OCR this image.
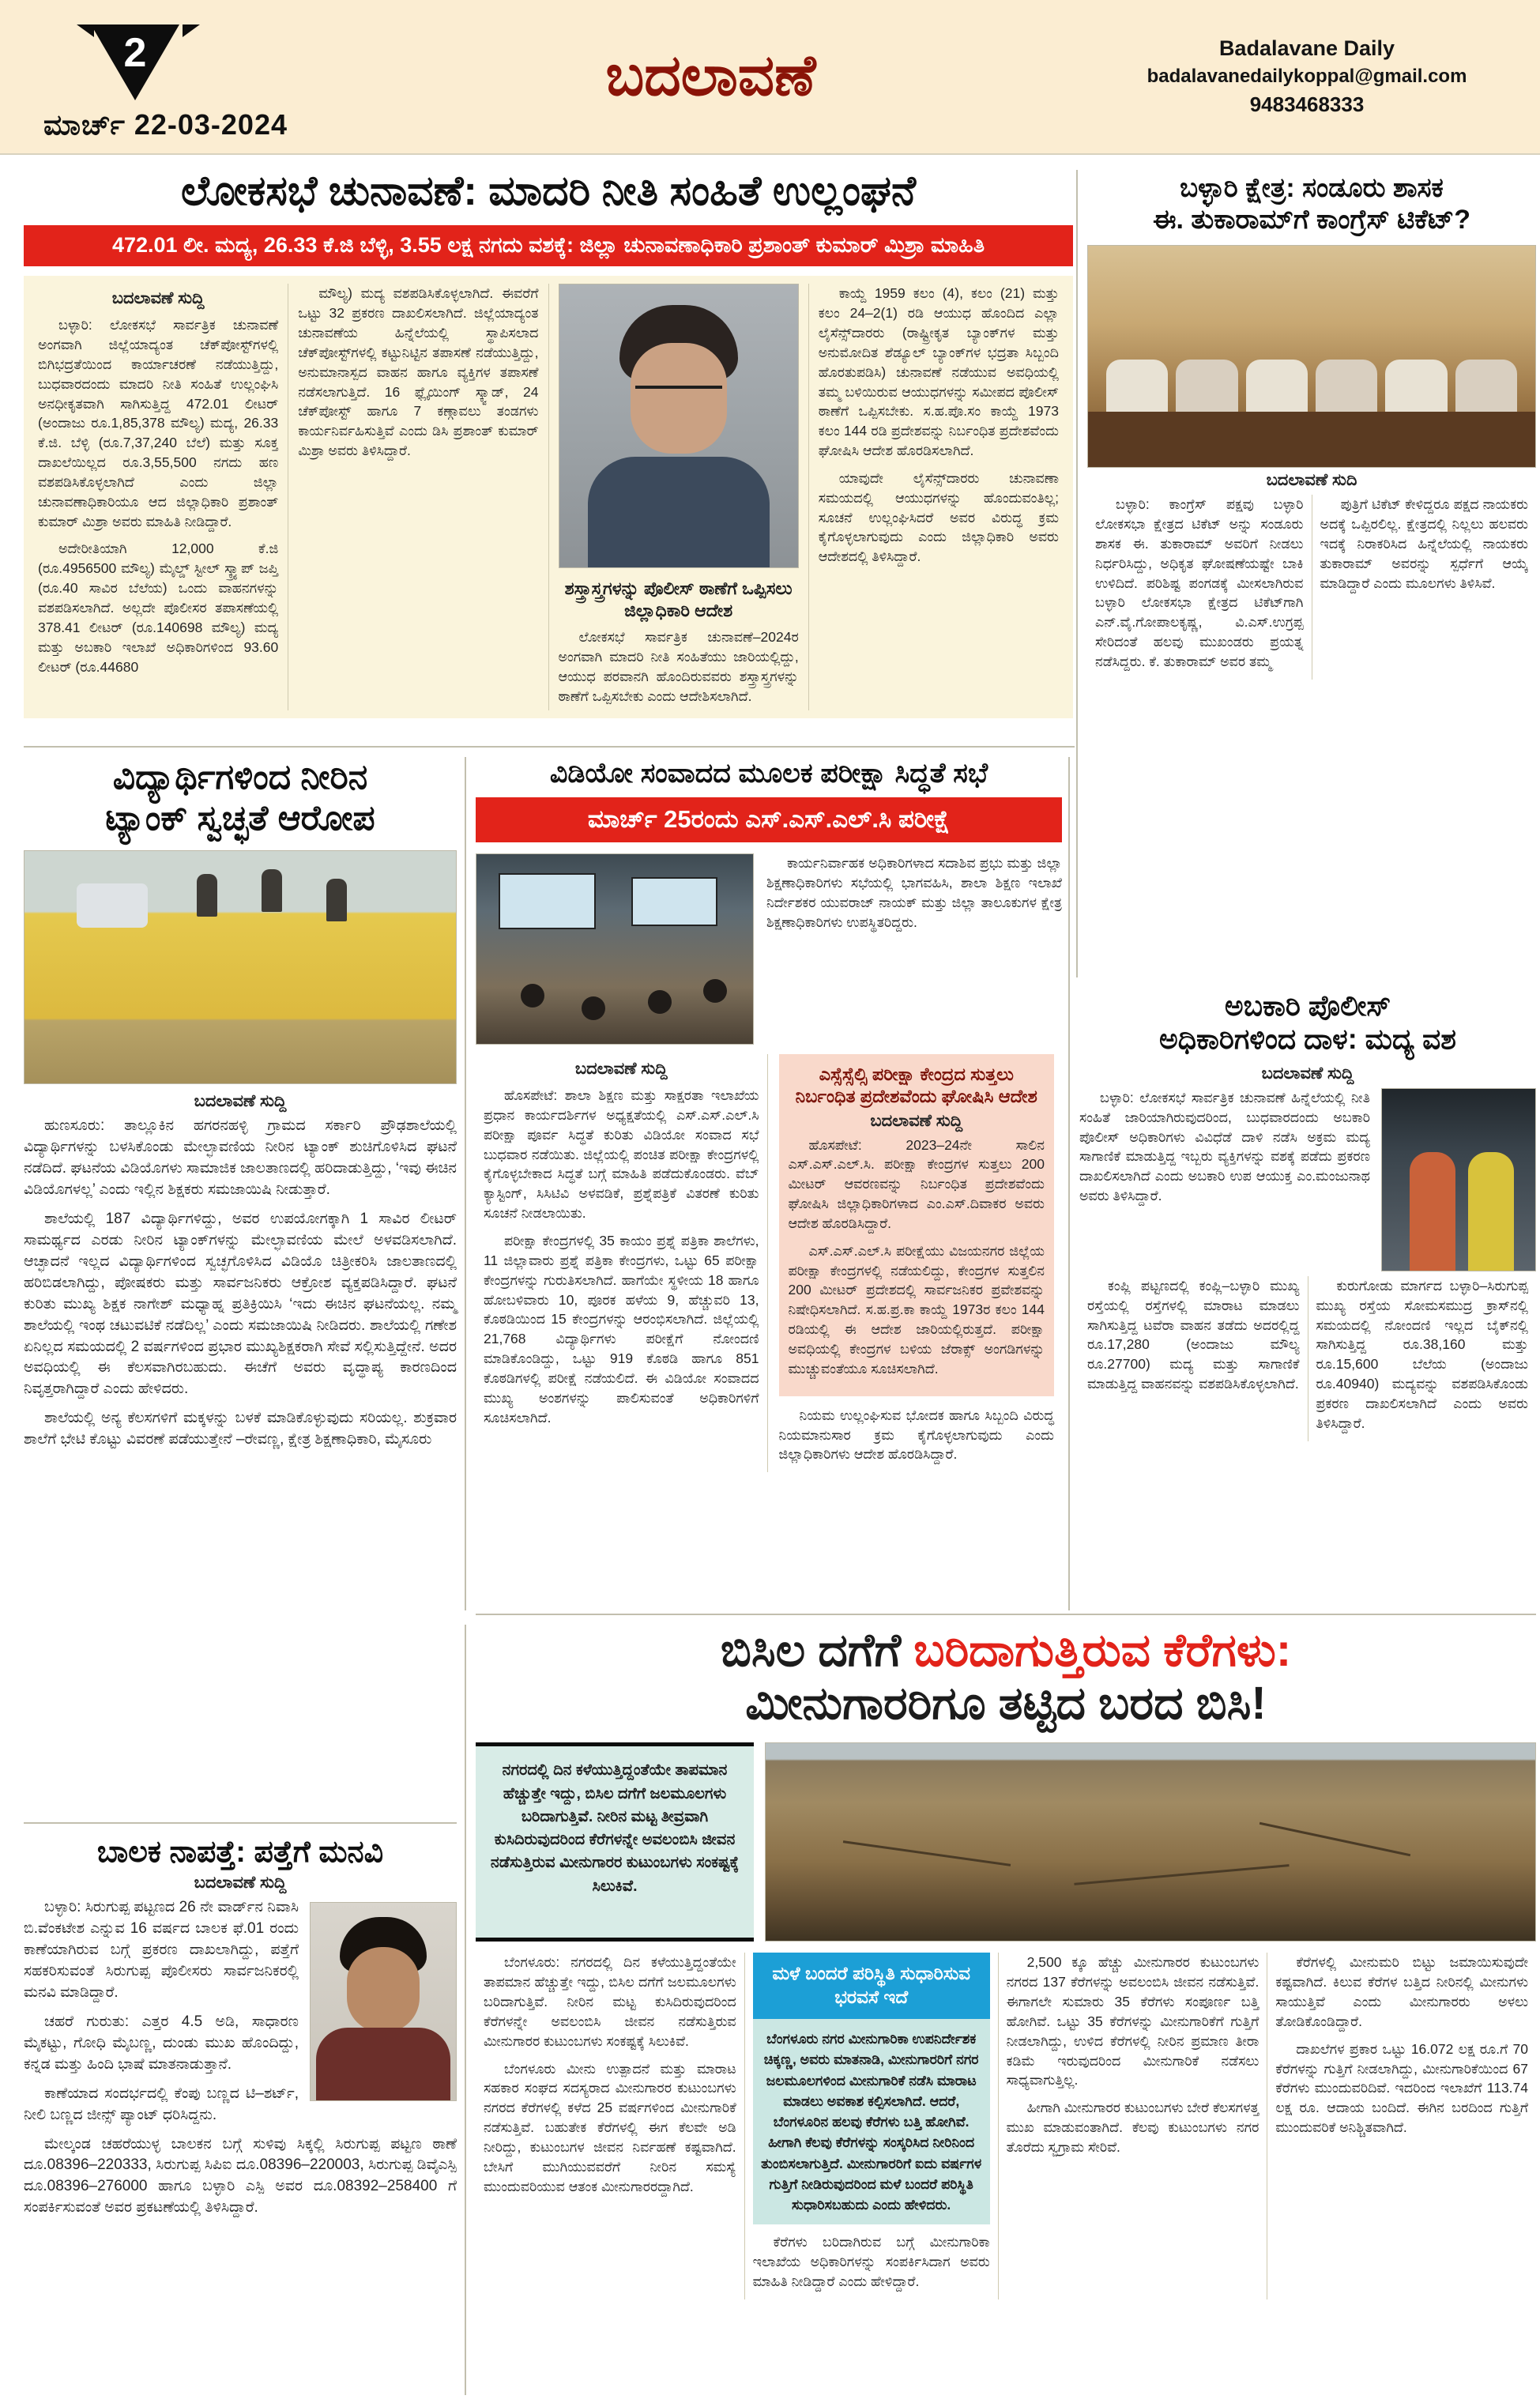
2
ಮಾರ್ಚ್ 22-03-2024
ಬದಲಾವಣೆ	Badalavane Daily
badalavanedailykoppal@gmail.com
9483468333
ಲೋಕಸಭೆ ಚುನಾವಣೆ: ಮಾದರಿ ನೀತಿ ಸಂಹಿತೆ ಉಲ್ಲಂಘನೆ
472.01 ಲೀ. ಮದ್ಯ, 26.33 ಕೆ.ಜಿ ಬೆಳ್ಳಿ, 3.55 ಲಕ್ಷ ನಗದು ವಶಕ್ಕೆ: ಜಿಲ್ಲಾ ಚುನಾವಣಾಧಿಕಾರಿ ಪ್ರಶಾಂತ್ ಕುಮಾರ್ ಮಿಶ್ರಾ ಮಾಹಿತಿ
ಬದಲಾವಣೆ ಸುದ್ದಿ

ಬಳ್ಳಾರಿ: ಲೋಕಸಭೆ ಸಾರ್ವತ್ರಿಕ ಚುನಾವಣೆ ಅಂಗವಾಗಿ ಜಿಲ್ಲೆಯಾದ್ಯಂತ ಚೆಕ್‌ಪೋಸ್ಟ್‌ಗಳಲ್ಲಿ ಬಿಗಿಭದ್ರತೆಯಿಂದ ಕಾರ್ಯಾಚರಣೆ ನಡೆಯುತ್ತಿದ್ದು, ಬುಧವಾರದಂದು ಮಾದರಿ ನೀತಿ ಸಂಹಿತೆ ಉಲ್ಲಂಘಿಸಿ ಅನಧೀಕೃತವಾಗಿ ಸಾಗಿಸುತ್ತಿದ್ದ 472.01 ಲೀಟರ್ (ಅಂದಾಜು ರೂ.1,85,378 ಮೌಲ್ಯ) ಮದ್ಯ, 26.33 ಕೆ.ಜಿ. ಬೆಳ್ಳಿ (ರೂ.7,37,240 ಬೆಲೆ) ಮತ್ತು ಸೂಕ್ತ ದಾಖಲೆಯಿಲ್ಲದ ರೂ.3,55,500 ನಗದು ಹಣ ವಶಪಡಿಸಿಕೊಳ್ಳಲಾಗಿದೆ ಎಂದು ಜಿಲ್ಲಾ ಚುನಾವಣಾಧಿಕಾರಿಯೂ ಆದ ಜಿಲ್ಲಾಧಿಕಾರಿ ಪ್ರಶಾಂತ್ ಕುಮಾರ್ ಮಿಶ್ರಾ ಅವರು ಮಾಹಿತಿ ನೀಡಿದ್ದಾರೆ.

ಅದೇರೀತಿಯಾಗಿ 12,000 ಕೆ.ಜಿ (ರೂ.4956500 ಮೌಲ್ಯ) ಮೈಲ್ಡ್ ಸ್ಟೀಲ್ ಸ್ಕ್ರ್ಯಾಪ್ ಜಪ್ತಿ (ರೂ.40 ಸಾವಿರ ಬೆಲೆಯ) ಒಂದು ವಾಹನಗಳನ್ನು ವಶಪಡಿಸಲಾಗಿದೆ. ಅಲ್ಲದೇ ಪೊಲೀಸರ ತಪಾಸಣೆಯಲ್ಲಿ 378.41 ಲೀಟರ್ (ರೂ.140698 ಮೌಲ್ಯ) ಮದ್ಯ ಮತ್ತು ಅಬಕಾರಿ ಇಲಾಖೆ ಅಧಿಕಾರಿಗಳಿಂದ 93.60 ಲೀಟರ್ (ರೂ.44680

ಮೌಲ್ಯ) ಮದ್ಯ ವಶಪಡಿಸಿಕೊಳ್ಳಲಾಗಿದೆ. ಈವರೆಗೆ ಒಟ್ಟು 32 ಪ್ರಕರಣ ದಾಖಲಿಸಲಾಗಿದೆ. ಜಿಲ್ಲೆಯಾದ್ಯಂತ ಚುನಾವಣೆಯ ಹಿನ್ನೆಲೆಯಲ್ಲಿ ಸ್ಥಾಪಿಸಲಾದ ಚೆಕ್‌ಪೋಸ್ಟ್‌ಗಳಲ್ಲಿ ಕಟ್ಟುನಿಟ್ಟಿನ ತಪಾಸಣೆ ನಡೆಯುತ್ತಿದ್ದು, ಅನುಮಾನಾಸ್ಪದ ವಾಹನ ಹಾಗೂ ವ್ಯಕ್ತಿಗಳ ತಪಾಸಣೆ ನಡೆಸಲಾಗುತ್ತಿದೆ. 16 ಫ್ಲೈಯಿಂಗ್ ಸ್ಕ್ವಾಡ್, 24 ಚೆಕ್‌ಪೋಸ್ಟ್ ಹಾಗೂ 7 ಕಣ್ಗಾವಲು ತಂಡಗಳು ಕಾರ್ಯನಿರ್ವಹಿಸುತ್ತಿವೆ ಎಂದು ಡಿಸಿ ಪ್ರಶಾಂತ್ ಕುಮಾರ್ ಮಿಶ್ರಾ ಅವರು ತಿಳಿಸಿದ್ದಾರೆ.

ಶಸ್ತ್ರಾಸ್ತ್ರಗಳನ್ನು ಪೊಲೀಸ್ ಠಾಣೆಗೆ ಒಪ್ಪಿಸಲು ಜಿಲ್ಲಾಧಿಕಾರಿ ಆದೇಶ

ಲೋಕಸಭೆ ಸಾರ್ವತ್ರಿಕ ಚುನಾವಣೆ–2024ರ ಅಂಗವಾಗಿ ಮಾದರಿ ನೀತಿ ಸಂಹಿತೆಯು ಜಾರಿಯಲ್ಲಿದ್ದು, ಆಯುಧ ಪರವಾನಗಿ ಹೊಂದಿರುವವರು ಶಸ್ತ್ರಾಸ್ತ್ರಗಳನ್ನು ಠಾಣೆಗೆ ಒಪ್ಪಿಸಬೇಕು ಎಂದು ಆದೇಶಿಸಲಾಗಿದೆ.

ಕಾಯ್ದೆ 1959 ಕಲಂ (4), ಕಲಂ (21) ಮತ್ತು ಕಲಂ 24–2(1) ರಡಿ ಆಯುಧ ಹೊಂದಿದ ಎಲ್ಲಾ ಲೈಸೆನ್ಸ್‌ದಾರರು (ರಾಷ್ಟ್ರೀಕೃತ ಬ್ಯಾಂಕ್‌ಗಳ ಮತ್ತು ಅನುಮೋದಿತ ಶೆಡ್ಯೂಲ್ ಬ್ಯಾಂಕ್‌ಗಳ ಭದ್ರತಾ ಸಿಬ್ಬಂದಿ ಹೊರತುಪಡಿಸಿ) ಚುನಾವಣೆ ನಡೆಯುವ ಅವಧಿಯಲ್ಲಿ ತಮ್ಮ ಬಳಿಯಿರುವ ಆಯುಧಗಳನ್ನು ಸಮೀಪದ ಪೊಲೀಸ್ ಠಾಣೆಗೆ ಒಪ್ಪಿಸಬೇಕು. ಸ.ಹ.ಪೊ.ಸಂ ಕಾಯ್ದೆ 1973 ಕಲಂ 144 ರಡಿ ಪ್ರದೇಶವನ್ನು ನಿರ್ಬಂಧಿತ ಪ್ರದೇಶವೆಂದು ಘೋಷಿಸಿ ಆದೇಶ ಹೊರಡಿಸಲಾಗಿದೆ.

ಯಾವುದೇ ಲೈಸೆನ್ಸ್‌ದಾರರು ಚುನಾವಣಾ ಸಮಯದಲ್ಲಿ ಆಯುಧಗಳನ್ನು ಹೊಂದುವಂತಿಲ್ಲ; ಸೂಚನೆ ಉಲ್ಲಂಘಿಸಿದರೆ ಅವರ ವಿರುದ್ಧ ಕ್ರಮ ಕೈಗೊಳ್ಳಲಾಗುವುದು ಎಂದು ಜಿಲ್ಲಾಧಿಕಾರಿ ಅವರು ಆದೇಶದಲ್ಲಿ ತಿಳಿಸಿದ್ದಾರೆ.

ಬಳ್ಳಾರಿ ಕ್ಷೇತ್ರ: ಸಂಡೂರು ಶಾಸಕ
ಈ. ತುಕಾರಾಮ್‌ಗೆ ಕಾಂಗ್ರೆಸ್ ಟಿಕೆಟ್?
ಬದಲಾವಣೆ ಸುದಿ

ಬಳ್ಳಾರಿ: ಕಾಂಗ್ರೆಸ್ ಪಕ್ಷವು ಬಳ್ಳಾರಿ ಲೋಕಸಭಾ ಕ್ಷೇತ್ರದ ಟಿಕೆಟ್ ಅನ್ನು ಸಂಡೂರು ಶಾಸಕ ಈ. ತುಕಾರಾಮ್ ಅವರಿಗೆ ನೀಡಲು ನಿರ್ಧರಿಸಿದ್ದು, ಅಧಿಕೃತ ಘೋಷಣೆಯಷ್ಟೇ ಬಾಕಿ ಉಳಿದಿದೆ. ಪರಿಶಿಷ್ಟ ಪಂಗಡಕ್ಕೆ ಮೀಸಲಾಗಿರುವ ಬಳ್ಳಾರಿ ಲೋಕಸಭಾ ಕ್ಷೇತ್ರದ ಟಿಕೆಟ್‌ಗಾಗಿ ಎನ್.ವೈ.ಗೋಪಾಲಕೃಷ್ಣ, ವಿ.ಎಸ್.ಉಗ್ರಪ್ಪ ಸೇರಿದಂತೆ ಹಲವು ಮುಖಂಡರು ಪ್ರಯತ್ನ ನಡೆಸಿದ್ದರು. ಕೆ. ತುಕಾರಾಮ್ ಅವರ ತಮ್ಮ

ಪುತ್ರಿಗೆ ಟಿಕೆಟ್ ಕೇಳಿದ್ದರೂ ಪಕ್ಷದ ನಾಯಕರು ಅದಕ್ಕೆ ಒಪ್ಪಿರಲಿಲ್ಲ. ಕ್ಷೇತ್ರದಲ್ಲಿ ನಿಲ್ಲಲು ಹಲವರು ಇದಕ್ಕೆ ನಿರಾಕರಿಸಿದ ಹಿನ್ನೆಲೆಯಲ್ಲಿ ನಾಯಕರು ತುಕಾರಾಮ್ ಅವರನ್ನು ಸ್ಪರ್ಧೆಗೆ ಆಯ್ಕೆ ಮಾಡಿದ್ದಾರೆ ಎಂದು ಮೂಲಗಳು ತಿಳಿಸಿವೆ.

ವಿದ್ಯಾರ್ಥಿಗಳಿಂದ ನೀರಿನ
ಟ್ಯಾಂಕ್ ಸ್ವಚ್ಛತೆ ಆರೋಪ
ಬದಲಾವಣೆ ಸುದ್ದಿ

ಹುಣಸೂರು: ತಾಲ್ಲೂಕಿನ ಹಗರನಹಳ್ಳಿ ಗ್ರಾಮದ ಸರ್ಕಾರಿ ಪ್ರೌಢಶಾಲೆಯಲ್ಲಿ ವಿದ್ಯಾರ್ಥಿಗಳನ್ನು ಬಳಸಿಕೊಂಡು ಮೇಲ್ಛಾವಣಿಯ ನೀರಿನ ಟ್ಯಾಂಕ್ ಶುಚಿಗೊಳಿಸಿದ ಘಟನೆ ನಡೆದಿದೆ. ಘಟನೆಯ ವಿಡಿಯೊಗಳು ಸಾಮಾಜಿಕ ಜಾಲತಾಣದಲ್ಲಿ ಹರಿದಾಡುತ್ತಿದ್ದು, ‘ಇವು ಈಚಿನ ವಿಡಿಯೊಗಳಲ್ಲ’ ಎಂದು ಇಲ್ಲಿನ ಶಿಕ್ಷಕರು ಸಮಜಾಯಿಷಿ ನೀಡುತ್ತಾರೆ.

ಶಾಲೆಯಲ್ಲಿ 187 ವಿದ್ಯಾರ್ಥಿಗಳಿದ್ದು, ಅವರ ಉಪಯೋಗಕ್ಕಾಗಿ 1 ಸಾವಿರ ಲೀಟರ್ ಸಾಮರ್ಥ್ಯದ ಎರಡು ನೀರಿನ ಟ್ಯಾಂಕ್‌ಗಳನ್ನು ಮೇಲ್ಛಾವಣಿಯ ಮೇಲೆ ಅಳವಡಿಸಲಾಗಿದೆ. ಆಚ್ಛಾದನೆ ಇಲ್ಲದ ವಿದ್ಯಾರ್ಥಿಗಳಿಂದ ಸ್ವಚ್ಛಗೊಳಿಸಿದ ವಿಡಿಯೊ ಚಿತ್ರೀಕರಿಸಿ ಜಾಲತಾಣದಲ್ಲಿ ಹರಿಬಿಡಲಾಗಿದ್ದು, ಪೋಷಕರು ಮತ್ತು ಸಾರ್ವಜನಿಕರು ಆಕ್ರೋಶ ವ್ಯಕ್ತಪಡಿಸಿದ್ದಾರೆ. ಘಟನೆ ಕುರಿತು ಮುಖ್ಯ ಶಿಕ್ಷಕ ನಾಗೇಶ್ ಮಧ್ಯಾಹ್ನ ಪ್ರತಿಕ್ರಿಯಿಸಿ ‘ಇದು ಈಚಿನ ಘಟನೆಯಲ್ಲ. ನಮ್ಮ ಶಾಲೆಯಲ್ಲಿ ಇಂಥ ಚಟುವಟಿಕೆ ನಡೆದಿಲ್ಲ’ ಎಂದು ಸಮಜಾಯಿಷಿ ನೀಡಿದರು. ಶಾಲೆಯಲ್ಲಿ ಗಣೇಶ ಏನಿಲ್ಲದ ಸಮಯದಲ್ಲಿ 2 ವರ್ಷಗಳಿಂದ ಪ್ರಭಾರ ಮುಖ್ಯಶಿಕ್ಷಕರಾಗಿ ಸೇವೆ ಸಲ್ಲಿಸುತ್ತಿದ್ದೇನೆ. ಅದರ ಅವಧಿಯಲ್ಲಿ ಈ ಕೆಲಸವಾಗಿರಬಹುದು. ಈಚೆಗೆ ಅವರು ವೃದ್ಧಾಪ್ಯ ಕಾರಣದಿಂದ ನಿವೃತ್ತರಾಗಿದ್ದಾರೆ ಎಂದು ಹೇಳಿದರು.

ಶಾಲೆಯಲ್ಲಿ ಅನ್ಯ ಕೆಲಸಗಳಿಗೆ ಮಕ್ಕಳನ್ನು ಬಳಕೆ ಮಾಡಿಕೊಳ್ಳುವುದು ಸರಿಯಲ್ಲ. ಶುಕ್ರವಾರ ಶಾಲೆಗೆ ಭೇಟಿ ಕೊಟ್ಟು ವಿವರಣೆ ಪಡೆಯುತ್ತೇನೆ –ರೇವಣ್ಣ, ಕ್ಷೇತ್ರ ಶಿಕ್ಷಣಾಧಿಕಾರಿ, ಮೈಸೂರು

ವಿಡಿಯೋ ಸಂವಾದದ ಮೂಲಕ ಪರೀಕ್ಷಾ ಸಿದ್ಧತೆ ಸಭೆ
ಮಾರ್ಚ್ 25ರಂದು ಎಸ್.ಎಸ್.ಎಲ್.ಸಿ ಪರೀಕ್ಷೆ

ಕಾರ್ಯನಿರ್ವಾಹಕ ಅಧಿಕಾರಿಗಳಾದ ಸದಾಶಿವ ಪ್ರಭು ಮತ್ತು ಜಿಲ್ಲಾ ಶಿಕ್ಷಣಾಧಿಕಾರಿಗಳು ಸಭೆಯಲ್ಲಿ ಭಾಗವಹಿಸಿ, ಶಾಲಾ ಶಿಕ್ಷಣ ಇಲಾಖೆ ನಿರ್ದೇಶಕರ ಯುವರಾಜ್ ನಾಯಕ್ ಮತ್ತು ಜಿಲ್ಲಾ ತಾಲೂಕುಗಳ ಕ್ಷೇತ್ರ ಶಿಕ್ಷಣಾಧಿಕಾರಿಗಳು ಉಪಸ್ಥಿತರಿದ್ದರು.

ಬದಲಾವಣೆ ಸುದ್ದಿ

ಹೊಸಪೇಟೆ: ಶಾಲಾ ಶಿಕ್ಷಣ ಮತ್ತು ಸಾಕ್ಷರತಾ ಇಲಾಖೆಯ ಪ್ರಧಾನ ಕಾರ್ಯದರ್ಶಿಗಳ ಅಧ್ಯಕ್ಷತೆಯಲ್ಲಿ ಎಸ್.ಎಸ್.ಎಲ್.ಸಿ ಪರೀಕ್ಷಾ ಪೂರ್ವ ಸಿದ್ಧತೆ ಕುರಿತು ವಿಡಿಯೋ ಸಂವಾದ ಸಭೆ ಬುಧವಾರ ನಡೆಯಿತು. ಜಿಲ್ಲೆಯಲ್ಲಿ ಪಂಚಿತ ಪರೀಕ್ಷಾ ಕೇಂದ್ರಗಳಲ್ಲಿ ಕೈಗೊಳ್ಳಬೇಕಾದ ಸಿದ್ಧತೆ ಬಗ್ಗೆ ಮಾಹಿತಿ ಪಡೆದುಕೊಂಡರು. ವೆಬ್ ಕ್ಯಾಸ್ಟಿಂಗ್, ಸಿಸಿಟಿವಿ ಅಳವಡಿಕೆ, ಪ್ರಶ್ನೆಪತ್ರಿಕೆ ವಿತರಣೆ ಕುರಿತು ಸೂಚನೆ ನೀಡಲಾಯಿತು.

ಪರೀಕ್ಷಾ ಕೇಂದ್ರಗಳಲ್ಲಿ 35 ಕಾಯಂ ಪ್ರಶ್ನೆ ಪತ್ರಿಕಾ ಶಾಲೆಗಳು, 11 ಜಿಲ್ಲಾವಾರು ಪ್ರಶ್ನೆ ಪತ್ರಿಕಾ ಕೇಂದ್ರಗಳು, ಒಟ್ಟು 65 ಪರೀಕ್ಷಾ ಕೇಂದ್ರಗಳನ್ನು ಗುರುತಿಸಲಾಗಿದೆ. ಹಾಗೆಯೇ ಸ್ಥಳೀಯ 18 ಹಾಗೂ ಹೋಬಳಿವಾರು 10, ಪೂರಕ ಹಳೆಯ 9, ಹೆಚ್ಚುವರಿ 13, ಕೊಠಡಿಯಿಂದ 15 ಕೇಂದ್ರಗಳನ್ನು ಆರಂಭಿಸಲಾಗಿದೆ. ಜಿಲ್ಲೆಯಲ್ಲಿ 21,768 ವಿದ್ಯಾರ್ಥಿಗಳು ಪರೀಕ್ಷೆಗೆ ನೋಂದಣಿ ಮಾಡಿಕೊಂಡಿದ್ದು, ಒಟ್ಟು 919 ಕೊಠಡಿ ಹಾಗೂ 851 ಕೊಠಡಿಗಳಲ್ಲಿ ಪರೀಕ್ಷೆ ನಡೆಯಲಿದೆ. ಈ ವಿಡಿಯೋ ಸಂವಾದದ ಮುಖ್ಯ ಅಂಶಗಳನ್ನು ಪಾಲಿಸುವಂತೆ ಅಧಿಕಾರಿಗಳಿಗೆ ಸೂಚಿಸಲಾಗಿದೆ.

ಎಸ್ಸೆಸ್ಸೆಲ್ಸಿ ಪರೀಕ್ಷಾ ಕೇಂದ್ರದ ಸುತ್ತಲು ನಿರ್ಬಂಧಿತ ಪ್ರದೇಶವೆಂದು ಘೋಷಿಸಿ ಆದೇಶ
ಬದಲಾವಣೆ ಸುದ್ದಿ

ಹೊಸಪೇಟೆ: 2023–24ನೇ ಸಾಲಿನ ಎಸ್.ಎಸ್.ಎಲ್.ಸಿ. ಪರೀಕ್ಷಾ ಕೇಂದ್ರಗಳ ಸುತ್ತಲು 200 ಮೀಟರ್ ಆವರಣವನ್ನು ನಿರ್ಬಂಧಿತ ಪ್ರದೇಶವೆಂದು ಘೋಷಿಸಿ ಜಿಲ್ಲಾಧಿಕಾರಿಗಳಾದ ಎಂ.ಎಸ್.ದಿವಾಕರ ಅವರು ಆದೇಶ ಹೊರಡಿಸಿದ್ದಾರೆ.

ಎಸ್.ಎಸ್.ಎಲ್.ಸಿ ಪರೀಕ್ಷೆಯು ವಿಜಯನಗರ ಜಿಲ್ಲೆಯ ಪರೀಕ್ಷಾ ಕೇಂದ್ರಗಳಲ್ಲಿ ನಡೆಯಲಿದ್ದು, ಕೇಂದ್ರಗಳ ಸುತ್ತಲಿನ 200 ಮೀಟರ್ ಪ್ರದೇಶದಲ್ಲಿ ಸಾರ್ವಜನಿಕರ ಪ್ರವೇಶವನ್ನು ನಿಷೇಧಿಸಲಾಗಿದೆ. ಸ.ಹ.ಪ್ರ.ಕಾ ಕಾಯ್ದೆ 1973ರ ಕಲಂ 144 ರಡಿಯಲ್ಲಿ ಈ ಆದೇಶ ಜಾರಿಯಲ್ಲಿರುತ್ತದೆ. ಪರೀಕ್ಷಾ ಅವಧಿಯಲ್ಲಿ ಕೇಂದ್ರಗಳ ಬಳಿಯ ಜೆರಾಕ್ಸ್ ಅಂಗಡಿಗಳನ್ನು ಮುಚ್ಚುವಂತೆಯೂ ಸೂಚಿಸಲಾಗಿದೆ.

ನಿಯಮ ಉಲ್ಲಂಘಿಸುವ ಭೋದಕ ಹಾಗೂ ಸಿಬ್ಬಂದಿ ವಿರುದ್ಧ ನಿಯಮಾನುಸಾರ ಕ್ರಮ ಕೈಗೊಳ್ಳಲಾಗುವುದು ಎಂದು ಜಿಲ್ಲಾಧಿಕಾರಿಗಳು ಆದೇಶ ಹೊರಡಿಸಿದ್ದಾರೆ.

ಅಬಕಾರಿ ಪೊಲೀಸ್
ಅಧಿಕಾರಿಗಳಿಂದ ದಾಳ: ಮದ್ಯ ವಶ
ಬದಲಾವಣೆ ಸುದ್ದಿ

ಬಳ್ಳಾರಿ: ಲೋಕಸಭೆ ಸಾರ್ವತ್ರಿಕ ಚುನಾವಣೆ ಹಿನ್ನೆಲೆಯಲ್ಲಿ ನೀತಿ ಸಂಹಿತೆ ಜಾರಿಯಾಗಿರುವುದರಿಂದ, ಬುಧವಾರದಂದು ಅಬಕಾರಿ ಪೊಲೀಸ್ ಅಧಿಕಾರಿಗಳು ವಿವಿಧೆಡೆ ದಾಳಿ ನಡೆಸಿ ಅಕ್ರಮ ಮದ್ಯ ಸಾಗಾಣಿಕೆ ಮಾಡುತ್ತಿದ್ದ ಇಬ್ಬರು ವ್ಯಕ್ತಿಗಳನ್ನು ವಶಕ್ಕೆ ಪಡೆದು ಪ್ರಕರಣ ದಾಖಲಿಸಲಾಗಿದೆ ಎಂದು ಅಬಕಾರಿ ಉಪ ಆಯುಕ್ತ ಎಂ.ಮಂಜುನಾಥ ಅವರು ತಿಳಿಸಿದ್ದಾರೆ.

ಕಂಪ್ಲಿ ಪಟ್ಟಣದಲ್ಲಿ ಕಂಪ್ಲಿ–ಬಳ್ಳಾರಿ ಮುಖ್ಯ ರಸ್ತೆಯಲ್ಲಿ ರಸ್ತೆಗಳಲ್ಲಿ ಮಾರಾಟ ಮಾಡಲು ಸಾಗಿಸುತ್ತಿದ್ದ ಟವೆರಾ ವಾಹನ ತಡೆದು ಅದರಲ್ಲಿದ್ದ ರೂ.17,280 (ಅಂದಾಜು ಮೌಲ್ಯ ರೂ.27700) ಮದ್ಯ ಮತ್ತು ಸಾಗಾಣಿಕೆ ಮಾಡುತ್ತಿದ್ದ ವಾಹನವನ್ನು ವಶಪಡಿಸಿಕೊಳ್ಳಲಾಗಿದೆ.

ಕುರುಗೋಡು ಮಾರ್ಗದ ಬಳ್ಳಾರಿ–ಸಿರುಗುಪ್ಪ ಮುಖ್ಯ ರಸ್ತೆಯ ಸೋಮಸಮುದ್ರ ಕ್ರಾಸ್‌ನಲ್ಲಿ ಸಮಯದಲ್ಲಿ ನೋಂದಣಿ ಇಲ್ಲದ ಬೈಕ್‌ನಲ್ಲಿ ಸಾಗಿಸುತ್ತಿದ್ದ ರೂ.38,160 ಮತ್ತು ರೂ.15,600 ಬೆಲೆಯ (ಅಂದಾಜು ರೂ.40940) ಮದ್ಯವನ್ನು ವಶಪಡಿಸಿಕೊಂಡು ಪ್ರಕರಣ ದಾಖಲಿಸಲಾಗಿದೆ ಎಂದು ಅವರು ತಿಳಿಸಿದ್ದಾರೆ.

ಬಿಸಿಲ ದಗೆಗೆ ಬರಿದಾಗುತ್ತಿರುವ ಕೆರೆಗಳು:
ಮೀನುಗಾರರಿಗೂ ತಟ್ಟಿದ ಬರದ ಬಿಸಿ!
ನಗರದಲ್ಲಿ ದಿನ ಕಳೆಯುತ್ತಿದ್ದಂತೆಯೇ ತಾಪಮಾನ ಹೆಚ್ಚುತ್ತೇ ಇದ್ದು, ಬಿಸಿಲ ದಗೆಗೆ ಜಲಮೂಲಗಳು ಬರಿದಾಗುತ್ತಿವೆ. ನೀರಿನ ಮಟ್ಟ ತೀವ್ರವಾಗಿ ಕುಸಿದಿರುವುದರಿಂದ ಕೆರೆಗಳನ್ನೇ ಅವಲಂಬಿಸಿ ಜೀವನ ನಡೆಸುತ್ತಿರುವ ಮೀನುಗಾರರ ಕುಟುಂಬಗಳು ಸಂಕಷ್ಟಕ್ಕೆ ಸಿಲುಕಿವೆ.

ಬೆಂಗಳೂರು: ನಗರದಲ್ಲಿ ದಿನ ಕಳೆಯುತ್ತಿದ್ದಂತೆಯೇ ತಾಪಮಾನ ಹೆಚ್ಚುತ್ತೇ ಇದ್ದು, ಬಿಸಿಲ ದಗೆಗೆ ಜಲಮೂಲಗಳು ಬರಿದಾಗುತ್ತಿವೆ. ನೀರಿನ ಮಟ್ಟ ಕುಸಿದಿರುವುದರಿಂದ ಕೆರೆಗಳನ್ನೇ ಅವಲಂಬಿಸಿ ಜೀವನ ನಡೆಸುತ್ತಿರುವ ಮೀನುಗಾರರ ಕುಟುಂಬಗಳು ಸಂಕಷ್ಟಕ್ಕೆ ಸಿಲುಕಿವೆ.

ಬೆಂಗಳೂರು ಮೀನು ಉತ್ಪಾದನೆ ಮತ್ತು ಮಾರಾಟ ಸಹಕಾರ ಸಂಘದ ಸದಸ್ಯರಾದ ಮೀನುಗಾರರ ಕುಟುಂಬಗಳು ನಗರದ ಕೆರೆಗಳಲ್ಲಿ ಕಳೆದ 25 ವರ್ಷಗಳಿಂದ ಮೀನುಗಾರಿಕೆ ನಡೆಸುತ್ತಿವೆ. ಬಹುತೇಕ ಕೆರೆಗಳಲ್ಲಿ ಈಗ ಕೆಲವೇ ಅಡಿ ನೀರಿದ್ದು, ಕುಟುಂಬಗಳ ಜೀವನ ನಿರ್ವಹಣೆ ಕಷ್ಟವಾಗಿದೆ. ಬೇಸಿಗೆ ಮುಗಿಯುವವರೆಗೆ ನೀರಿನ ಸಮಸ್ಯೆ ಮುಂದುವರಿಯುವ ಆತಂಕ ಮೀನುಗಾರರದ್ದಾಗಿದೆ.

ಮಳೆ ಬಂದರೆ ಪರಿಸ್ಥಿತಿ ಸುಧಾರಿಸುವ ಭರವಸೆ ಇದೆ
ಬೆಂಗಳೂರು ನಗರ ಮೀನುಗಾರಿಕಾ ಉಪನಿರ್ದೇಶಕ ಚಿಕ್ಕಣ್ಣ, ಅವರು ಮಾತನಾಡಿ, ಮೀನುಗಾರರಿಗೆ ನಗರ ಜಲಮೂಲಗಳಿಂದ ಮೀನುಗಾರಿಕೆ ನಡೆಸಿ ಮಾರಾಟ ಮಾಡಲು ಅವಕಾಶ ಕಲ್ಪಿಸಲಾಗಿದೆ. ಆದರೆ, ಬೆಂಗಳೂರಿನ ಹಲವು ಕೆರೆಗಳು ಬತ್ತಿ ಹೋಗಿವೆ. ಹೀಗಾಗಿ ಕೆಲವು ಕೆರೆಗಳನ್ನು ಸಂಸ್ಕರಿಸಿದ ನೀರಿನಿಂದ ತುಂಬಿಸಲಾಗುತ್ತಿದೆ. ಮೀನುಗಾರರಿಗೆ ಐದು ವರ್ಷಗಳ ಗುತ್ತಿಗೆ ನೀಡಿರುವುದರಿಂದ ಮಳೆ ಬಂದರೆ ಪರಿಸ್ಥಿತಿ ಸುಧಾರಿಸಬಹುದು ಎಂದು ಹೇಳಿದರು.

ಕೆರೆಗಳು ಬರಿದಾಗಿರುವ ಬಗ್ಗೆ ಮೀನುಗಾರಿಕಾ ಇಲಾಖೆಯ ಅಧಿಕಾರಿಗಳನ್ನು ಸಂಪರ್ಕಿಸಿದಾಗ ಅವರು ಮಾಹಿತಿ ನೀಡಿದ್ದಾರೆ ಎಂದು ಹೇಳಿದ್ದಾರೆ.

2,500 ಕ್ಕೂ ಹೆಚ್ಚು ಮೀನುಗಾರರ ಕುಟುಂಬಗಳು ನಗರದ 137 ಕೆರೆಗಳನ್ನು ಅವಲಂಬಿಸಿ ಜೀವನ ನಡೆಸುತ್ತಿವೆ. ಈಗಾಗಲೇ ಸುಮಾರು 35 ಕೆರೆಗಳು ಸಂಪೂರ್ಣ ಬತ್ತಿ ಹೋಗಿವೆ. ಒಟ್ಟು 35 ಕೆರೆಗಳನ್ನು ಮೀನುಗಾರಿಕೆಗೆ ಗುತ್ತಿಗೆ ನೀಡಲಾಗಿದ್ದು, ಉಳಿದ ಕೆರೆಗಳಲ್ಲಿ ನೀರಿನ ಪ್ರಮಾಣ ತೀರಾ ಕಡಿಮೆ ಇರುವುದರಿಂದ ಮೀನುಗಾರಿಕೆ ನಡೆಸಲು ಸಾಧ್ಯವಾಗುತ್ತಿಲ್ಲ.

ಹೀಗಾಗಿ ಮೀನುಗಾರರ ಕುಟುಂಬಗಳು ಬೇರೆ ಕೆಲಸಗಳತ್ತ ಮುಖ ಮಾಡುವಂತಾಗಿದೆ. ಕೆಲವು ಕುಟುಂಬಗಳು ನಗರ ತೊರೆದು ಸ್ವಗ್ರಾಮ ಸೇರಿವೆ.

ಕೆರೆಗಳಲ್ಲಿ ಮೀನುಮರಿ ಬಿಟ್ಟು ಜಮಾಯಿಸುವುದೇ ಕಷ್ಟವಾಗಿದೆ. ಕಿಲುವ ಕೆರೆಗಳ ಬತ್ತಿದ ನೀರಿನಲ್ಲಿ ಮೀನುಗಳು ಸಾಯುತ್ತಿವೆ ಎಂದು ಮೀನುಗಾರರು ಅಳಲು ತೋಡಿಕೊಂಡಿದ್ದಾರೆ.

ದಾಖಲೆಗಳ ಪ್ರಕಾರ ಒಟ್ಟು 16.072 ಲಕ್ಷ ರೂ.ಗೆ 70 ಕೆರೆಗಳನ್ನು ಗುತ್ತಿಗೆ ನೀಡಲಾಗಿದ್ದು, ಮೀನುಗಾರಿಕೆಯಿಂದ 67 ಕೆರೆಗಳು ಮುಂದುವರಿದಿವೆ. ಇದರಿಂದ ಇಲಾಖೆಗೆ 113.74 ಲಕ್ಷ ರೂ. ಆದಾಯ ಬಂದಿದೆ. ಈಗಿನ ಬರದಿಂದ ಗುತ್ತಿಗೆ ಮುಂದುವರಿಕೆ ಅನಿಶ್ಚಿತವಾಗಿದೆ.

ಬಾಲಕ ನಾಪತ್ತೆ: ಪತ್ತೆಗೆ ಮನವಿ
ಬದಲಾವಣೆ ಸುದ್ದಿ

ಬಳ್ಳಾರಿ: ಸಿರುಗುಪ್ಪ ಪಟ್ಟಣದ 26 ನೇ ವಾರ್ಡ್‌ನ ನಿವಾಸಿ ಬಿ.ವೆಂಕಟೇಶ ಎನ್ನುವ 16 ವರ್ಷದ ಬಾಲಕ ಫೆ.01 ರಂದು ಕಾಣೆಯಾಗಿರುವ ಬಗ್ಗೆ ಪ್ರಕರಣ ದಾಖಲಾಗಿದ್ದು, ಪತ್ತೆಗೆ ಸಹಕರಿಸುವಂತೆ ಸಿರುಗುಪ್ಪ ಪೊಲೀಸರು ಸಾರ್ವಜನಿಕರಲ್ಲಿ ಮನವಿ ಮಾಡಿದ್ದಾರೆ.

ಚಹರೆ ಗುರುತು: ಎತ್ತರ 4.5 ಅಡಿ, ಸಾಧಾರಣ ಮೈಕಟ್ಟು, ಗೋಧಿ ಮೈಬಣ್ಣ, ದುಂಡು ಮುಖ ಹೊಂದಿದ್ದು, ಕನ್ನಡ ಮತ್ತು ಹಿಂದಿ ಭಾಷೆ ಮಾತನಾಡುತ್ತಾನೆ.

ಕಾಣೆಯಾದ ಸಂದರ್ಭದಲ್ಲಿ ಕೆಂಪು ಬಣ್ಣದ ಟಿ–ಶರ್ಟ್, ನೀಲಿ ಬಣ್ಣದ ಜೀನ್ಸ್ ಪ್ಯಾಂಟ್ ಧರಿಸಿದ್ದನು.

ಮೇಲ್ಕಂಡ ಚಹರೆಯುಳ್ಳ ಬಾಲಕನ ಬಗ್ಗೆ ಸುಳಿವು ಸಿಕ್ಕಲ್ಲಿ ಸಿರುಗುಪ್ಪ ಪಟ್ಟಣ ಠಾಣೆ ದೂ.08396–220333, ಸಿರುಗುಪ್ಪ ಸಿಪಿಐ ದೂ.08396–220003, ಸಿರುಗುಪ್ಪ ಡಿವೈಎಸ್ಪಿ ದೂ.08396–276000 ಹಾಗೂ ಬಳ್ಳಾರಿ ಎಸ್ಪಿ ಅವರ ದೂ.08392–258400 ಗೆ ಸಂಪರ್ಕಿಸುವಂತೆ ಅವರ ಪ್ರಕಟಣೆಯಲ್ಲಿ ತಿಳಿಸಿದ್ದಾರೆ.
